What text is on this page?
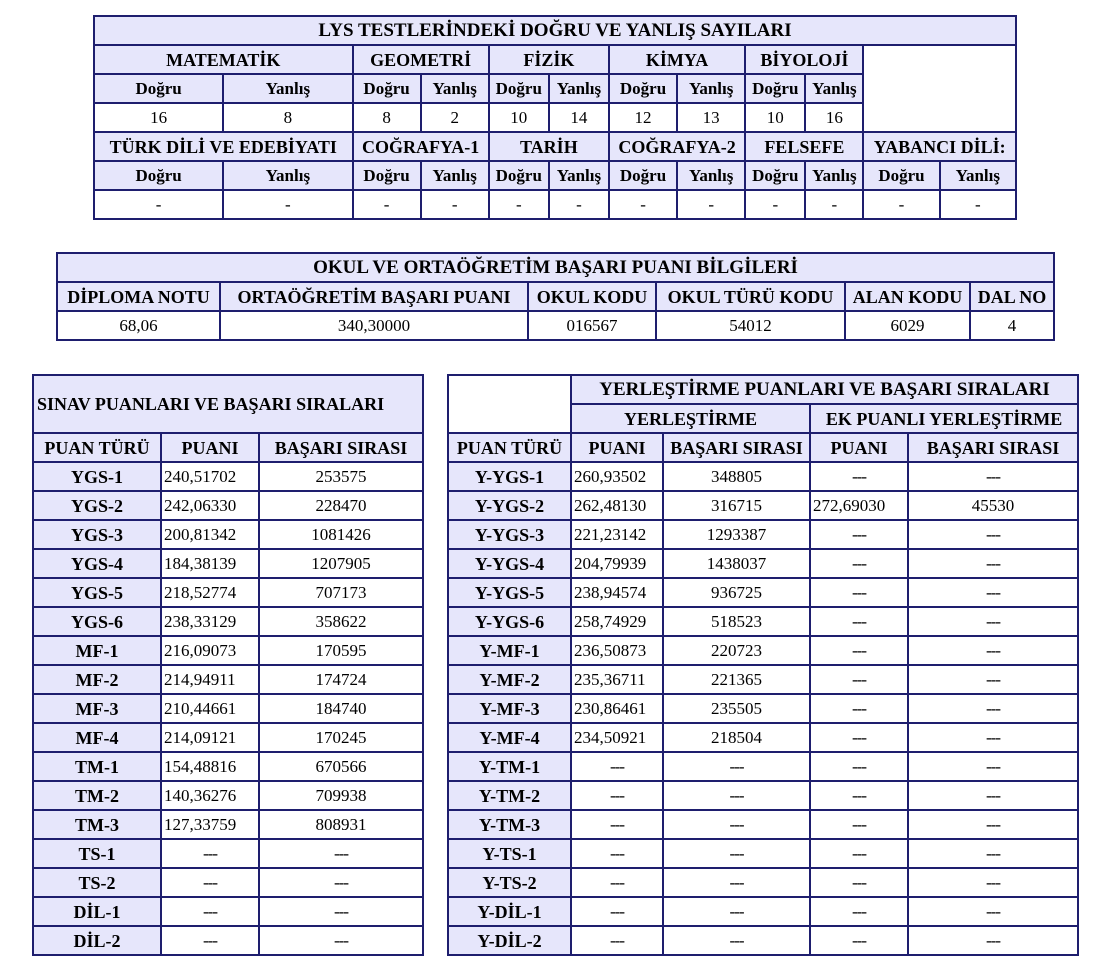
LYS TESTLERİNDEKİ DOĞRU VE YANLIŞ SAYILARI											
MATEMATİK		GEOMETRİ		FİZİK		KİMYA		BİYOLOJİ			
Doğru	Yanlış	Doğru	Yanlış	Doğru	Yanlış	Doğru	Yanlış	Doğru	Yanlış		
16	8	8	2	10	14	12	13	10	16		
TÜRK DİLİ VE EDEBİYATI		COĞRAFYA-1		TARİH		COĞRAFYA-2		FELSEFE		YABANCI DİLİ:	
Doğru	Yanlış	Doğru	Yanlış	Doğru	Yanlış	Doğru	Yanlış	Doğru	Yanlış	Doğru	Yanlış
-	-	-	-	-	-	-	-	-	-	-	-
OKUL VE ORTAÖĞRETİM BAŞARI PUANI BİLGİLERİ					
DİPLOMA NOTU	ORTAÖĞRETİM BAŞARI PUANI	OKUL KODU	OKUL TÜRÜ KODU	ALAN KODU	DAL NO
68,06	340,30000	016567	54012	6029	4
SINAV PUANLARI VE BAŞARI SIRALARI		

PUAN TÜRÜ	PUANI	BAŞARI SIRASI
YGS-1	240,51702	253575
YGS-2	242,06330	228470
YGS-3	200,81342	1081426
YGS-4	184,38139	1207905
YGS-5	218,52774	707173
YGS-6	238,33129	358622
MF-1	216,09073	170595
MF-2	214,94911	174724
MF-3	210,44661	184740
MF-4	214,09121	170245
TM-1	154,48816	670566
TM-2	140,36276	709938
TM-3	127,33759	808931
TS-1	---	---
TS-2	---	---
DİL-1	---	---
DİL-2	---	---
	YERLEŞTİRME PUANLARI VE BAŞARI SIRALARI			
	YERLEŞTİRME		EK PUANLI YERLEŞTİRME	
PUAN TÜRÜ	PUANI	BAŞARI SIRASI	PUANI	BAŞARI SIRASI
Y-YGS-1	260,93502	348805	---	---
Y-YGS-2	262,48130	316715	272,69030	45530
Y-YGS-3	221,23142	1293387	---	---
Y-YGS-4	204,79939	1438037	---	---
Y-YGS-5	238,94574	936725	---	---
Y-YGS-6	258,74929	518523	---	---
Y-MF-1	236,50873	220723	---	---
Y-MF-2	235,36711	221365	---	---
Y-MF-3	230,86461	235505	---	---
Y-MF-4	234,50921	218504	---	---
Y-TM-1	---	---	---	---
Y-TM-2	---	---	---	---
Y-TM-3	---	---	---	---
Y-TS-1	---	---	---	---
Y-TS-2	---	---	---	---
Y-DİL-1	---	---	---	---
Y-DİL-2	---	---	---	---
